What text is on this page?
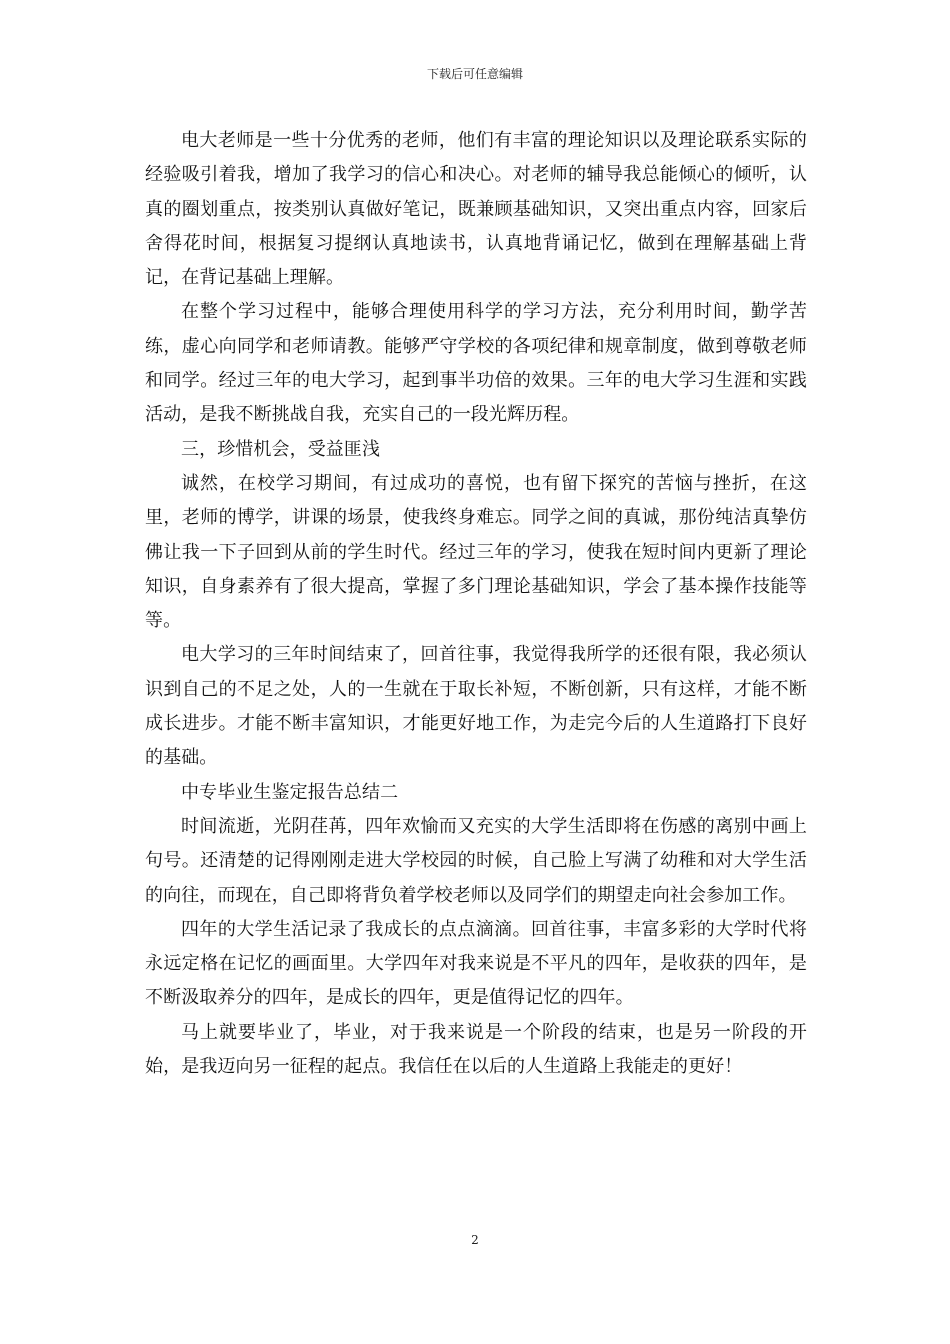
下载后可任意编辑

电大老师是一些十分优秀的老师，他们有丰富的理论知识以及理论联系实际的经验吸引着我，增加了我学习的信心和决心。对老师的辅导我总能倾心的倾听，认真的圈划重点，按类别认真做好笔记，既兼顾基础知识，又突出重点内容，回家后舍得花时间，根据复习提纲认真地读书，认真地背诵记忆，做到在理解基础上背记，在背记基础上理解。

在整个学习过程中，能够合理使用科学的学习方法，充分利用时间，勤学苦练，虚心向同学和老师请教。能够严守学校的各项纪律和规章制度，做到尊敬老师和同学。经过三年的电大学习，起到事半功倍的效果。三年的电大学习生涯和实践活动，是我不断挑战自我，充实自己的一段光辉历程。

三，珍惜机会，受益匪浅

诚然，在校学习期间，有过成功的喜悦，也有留下探究的苦恼与挫折，在这里，老师的博学，讲课的场景，使我终身难忘。同学之间的真诚，那份纯洁真挚仿佛让我一下子回到从前的学生时代。经过三年的学习，使我在短时间内更新了理论知识，自身素养有了很大提高，掌握了多门理论基础知识，学会了基本操作技能等等。

电大学习的三年时间结束了，回首往事，我觉得我所学的还很有限，我必须认识到自己的不足之处，人的一生就在于取长补短，不断创新，只有这样，才能不断成长进步。才能不断丰富知识，才能更好地工作，为走完今后的人生道路打下良好的基础。

中专毕业生鉴定报告总结二

时间流逝，光阴荏苒，四年欢愉而又充实的大学生活即将在伤感的离别中画上句号。还清楚的记得刚刚走进大学校园的时候，自己脸上写满了幼稚和对大学生活的向往，而现在，自己即将背负着学校老师以及同学们的期望走向社会参加工作。

四年的大学生活记录了我成长的点点滴滴。回首往事，丰富多彩的大学时代将永远定格在记忆的画面里。大学四年对我来说是不平凡的四年，是收获的四年，是不断汲取养分的四年，是成长的四年，更是值得记忆的四年。

马上就要毕业了，毕业，对于我来说是一个阶段的结束，也是另一阶段的开始，是我迈向另一征程的起点。我信任在以后的人生道路上我能走的更好！

2
